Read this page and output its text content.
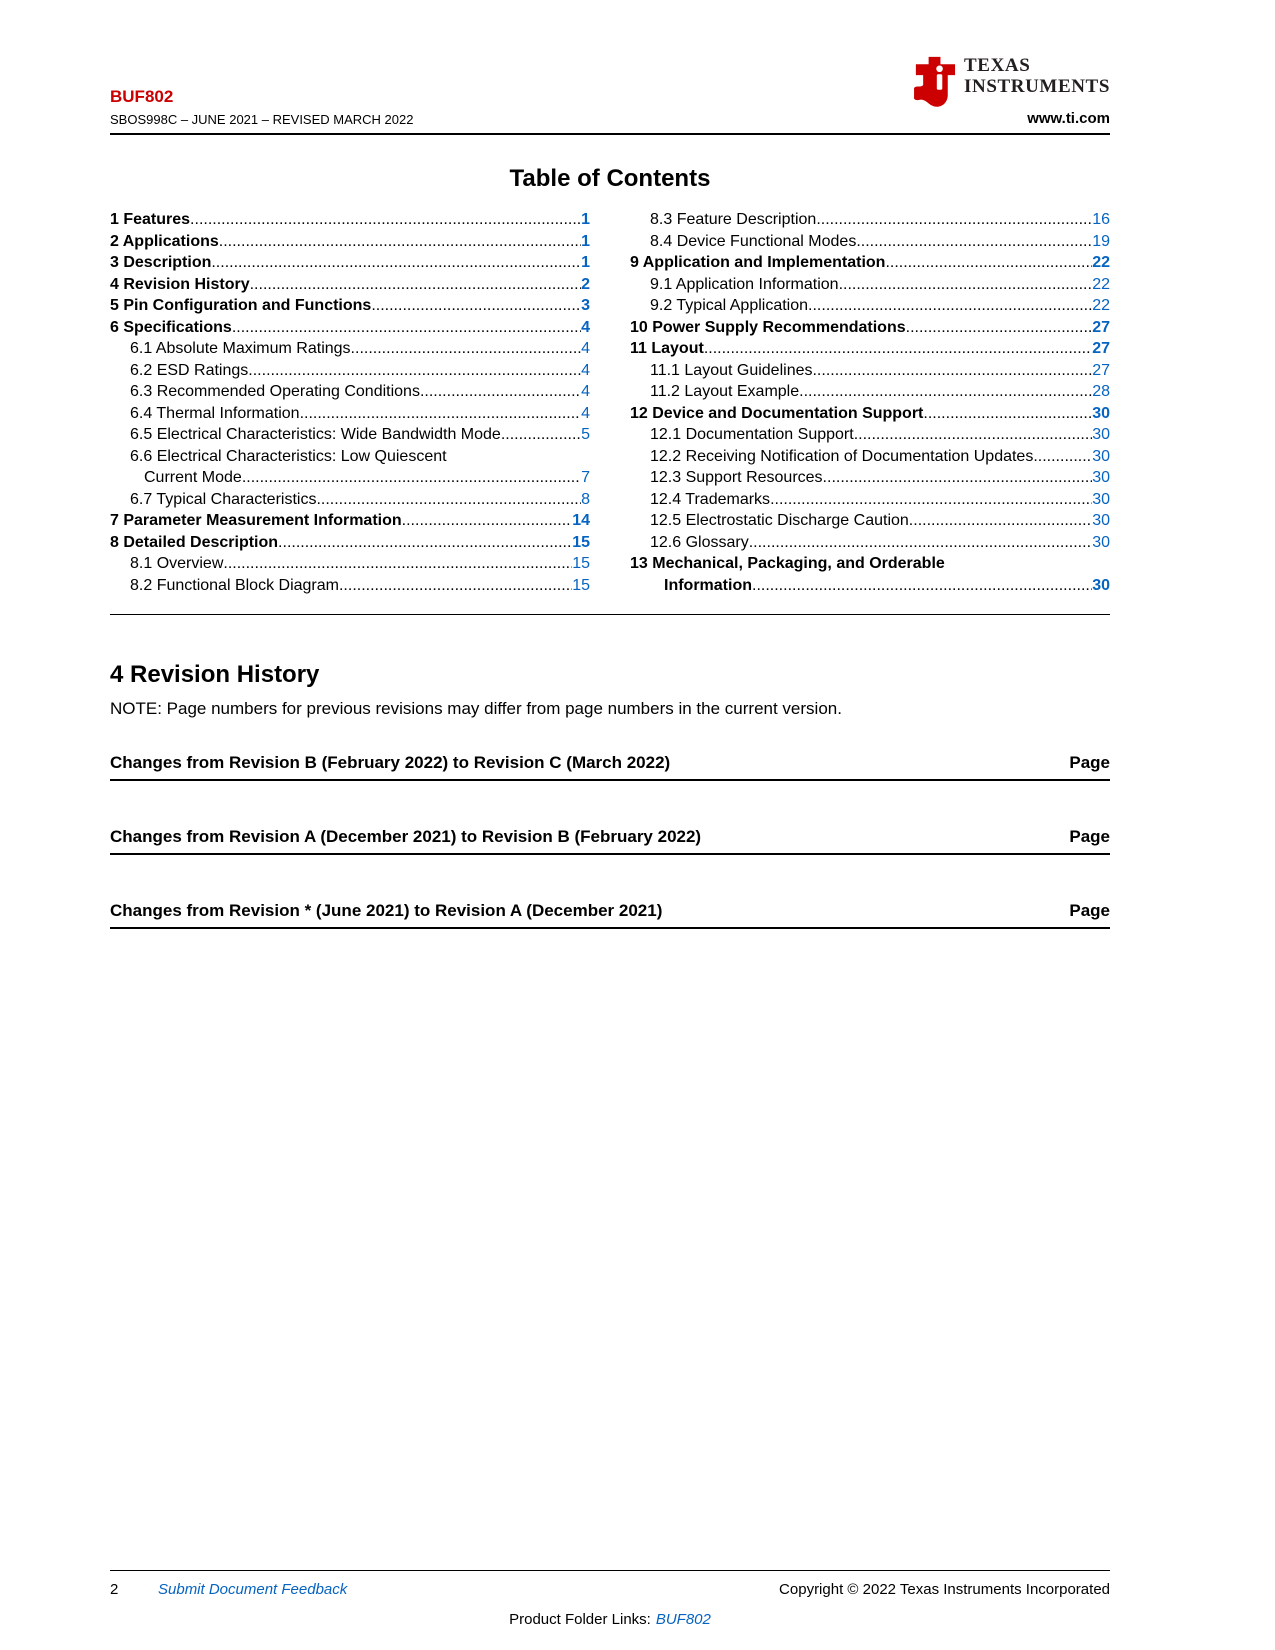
BUF802
SBOS998C – JUNE 2021 – REVISED MARCH 2022
TEXAS
INSTRUMENTS
www.ti.com
Table of Contents
1 Features .....	1
2 Applications .....	1
3 Description .....	1
4 Revision History .....	2
5 Pin Configuration and Functions .....	3
6 Specifications .....	4
6.1 Absolute Maximum Ratings .....	4
6.2 ESD Ratings .....	4
6.3 Recommended Operating Conditions .....	4
6.4 Thermal Information .....	4
6.5 Electrical Characteristics: Wide Bandwidth Mode .....	5
6.6 Electrical Characteristics: Low Quiescent
Current Mode .....	7
6.7 Typical Characteristics .....	8
7 Parameter Measurement Information .....	14
8 Detailed Description .....	15
8.1 Overview .....	15
8.2 Functional Block Diagram .....	15
8.3 Feature Description .....	16
8.4 Device Functional Modes .....	19
9 Application and Implementation .....	22
9.1 Application Information .....	22
9.2 Typical Application .....	22
10 Power Supply Recommendations .....	27
11 Layout .....	27
11.1 Layout Guidelines .....	27
11.2 Layout Example .....	28
12 Device and Documentation Support .....	30
12.1 Documentation Support .....	30
12.2 Receiving Notification of Documentation Updates .....	30
12.3 Support Resources .....	30
12.4 Trademarks .....	30
12.5 Electrostatic Discharge Caution .....	30
12.6 Glossary .....	30
13 Mechanical, Packaging, and Orderable
Information .....	30
4 Revision History

NOTE: Page numbers for previous revisions may differ from page numbers in the current version.

Changes from Revision B (February 2022) to Revision C (March 2022)	Page
Changes from Revision A (December 2021) to Revision B (February 2022)	Page
Changes from Revision * (June 2021) to Revision A (December 2021)	Page
2	Submit Document Feedback	Copyright © 2022 Texas Instruments Incorporated
Product Folder Links: BUF802
